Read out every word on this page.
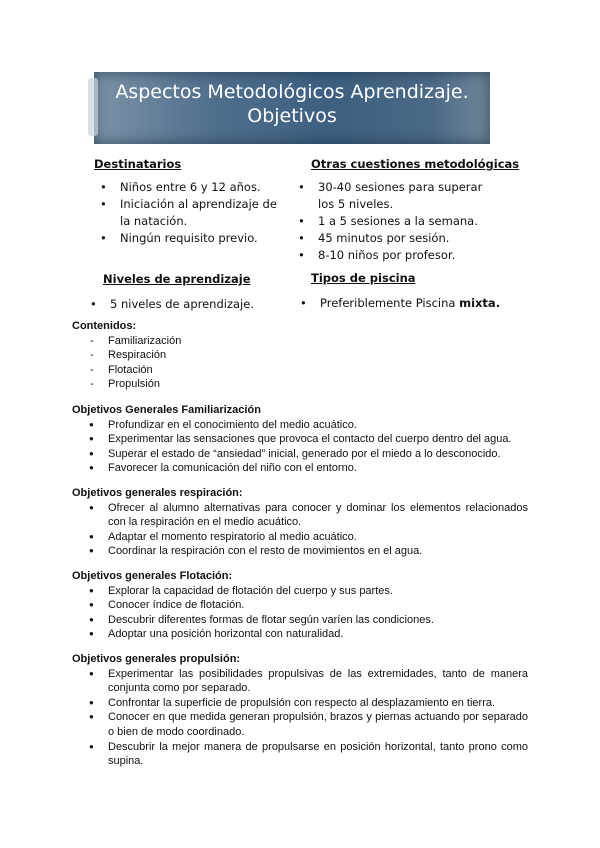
Aspectos Metodológicos Aprendizaje.
Objetivos
Destinatarios
• Niños entre 6 y 12 años.
• Iniciación al aprendizaje de la natación.
• Ningún requisito previo.
Otras cuestiones metodológicas
• 30-40 sesiones para superar los 5 niveles.
• 1 a 5 sesiones a la semana.
• 45 minutos por sesión.
• 8-10 niños por profesor.
Niveles de aprendizaje
• 5 niveles de aprendizaje.
Tipos de piscina
• Preferiblemente Piscina mixta.

Contenidos:

- Familiarización
- Respiración
- Flotación
- Propulsión

Objetivos Generales Familiarización

● Profundizar en el conocimiento del medio acuático.
● Experimentar las sensaciones que provoca el contacto del cuerpo dentro del agua.
● Superar el estado de “ansiedad” inicial, generado por el miedo a lo desconocido.
● Favorecer la comunicación del niño con el entorno.

Objetivos generales respiración:

● Ofrecer al alumno alternativas para conocer y dominar los elementos relacionados con la respiración en el medio acuático.
● Adaptar el momento respiratorio al medio acuático.
● Coordinar la respiración con el resto de movimientos en el agua.

Objetivos generales Flotación:

● Explorar la capacidad de flotación del cuerpo y sus partes.
● Conocer índice de flotación.
● Descubrir diferentes formas de flotar según varíen las condiciones.
● Adoptar una posición horizontal con naturalidad.

Objetivos generales propulsión:

● Experimentar las posibilidades propulsivas de las extremidades, tanto de manera conjunta como por separado.
● Confrontar la superficie de propulsión con respecto al desplazamiento en tierra.
● Conocer en que medida generan propulsión, brazos y piernas actuando por separado o bien de modo coordinado.
● Descubrir la mejor manera de propulsarse en posición horizontal, tanto prono como supina.
